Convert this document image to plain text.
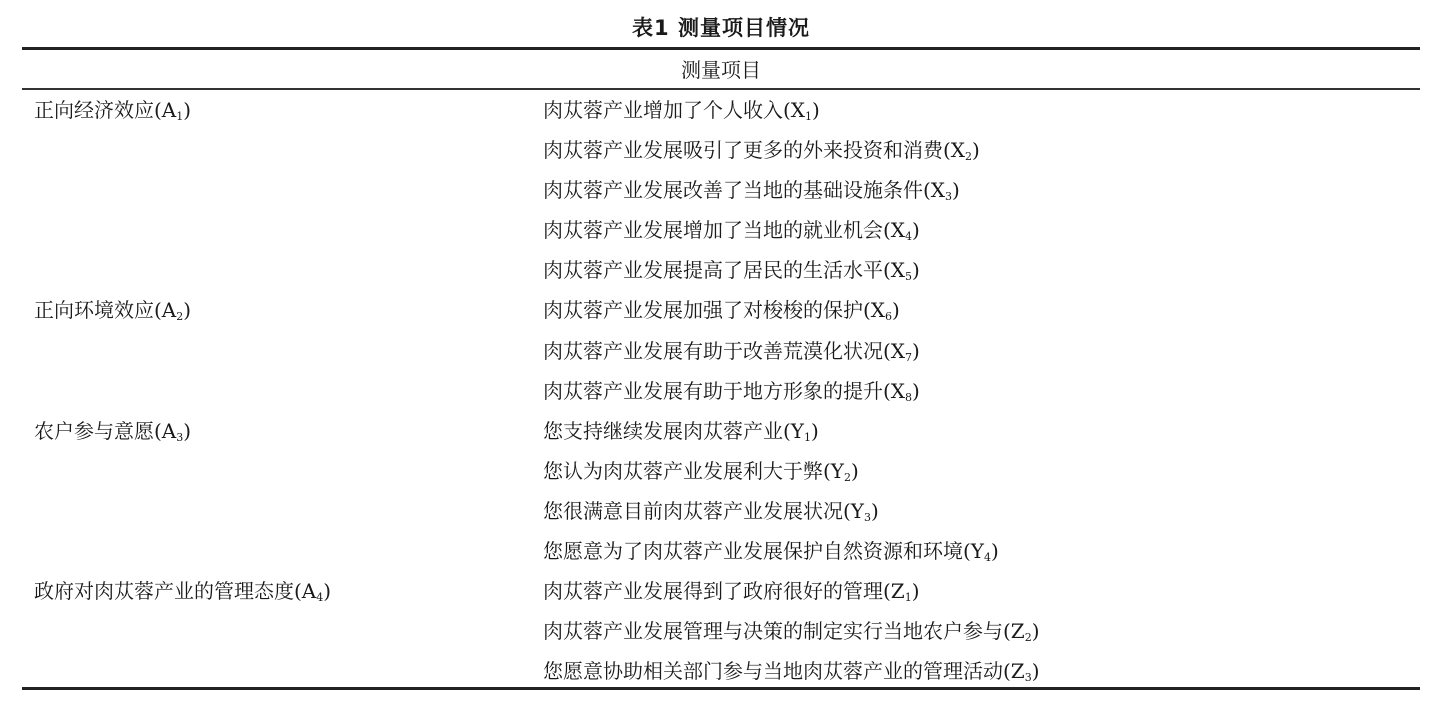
表1 测量项目情况
测量项目
正向经济效应$(A_1)$	肉苁蓉产业增加了个人收入$(X_1)$
肉苁蓉产业发展吸引了更多的外来投资和消费$(X_2)$
肉苁蓉产业发展改善了当地的基础设施条件$(X_3)$
肉苁蓉产业发展增加了当地的就业机会$(X_4)$
肉苁蓉产业发展提高了居民的生活水平$(X_5)$
正向环境效应$(A_2)$	肉苁蓉产业发展加强了对梭梭的保护$(X_6)$
肉苁蓉产业发展有助于改善荒漠化状况$(X_7)$
肉苁蓉产业发展有助于地方形象的提升$(X_8)$
农户参与意愿$(A_3)$	您支持继续发展肉苁蓉产业$(Y_1)$
您认为肉苁蓉产业发展利大于弊$(Y_2)$
您很满意目前肉苁蓉产业发展状况$(Y_3)$
您愿意为了肉苁蓉产业发展保护自然资源和环境$(Y_4)$
政府对肉苁蓉产业的管理态度$(A_4)$	肉苁蓉产业发展得到了政府很好的管理$(Z_1)$
肉苁蓉产业发展管理与决策的制定实行当地农户参与$(Z_2)$
您愿意协助相关部门参与当地肉苁蓉产业的管理活动$(Z_3)$
